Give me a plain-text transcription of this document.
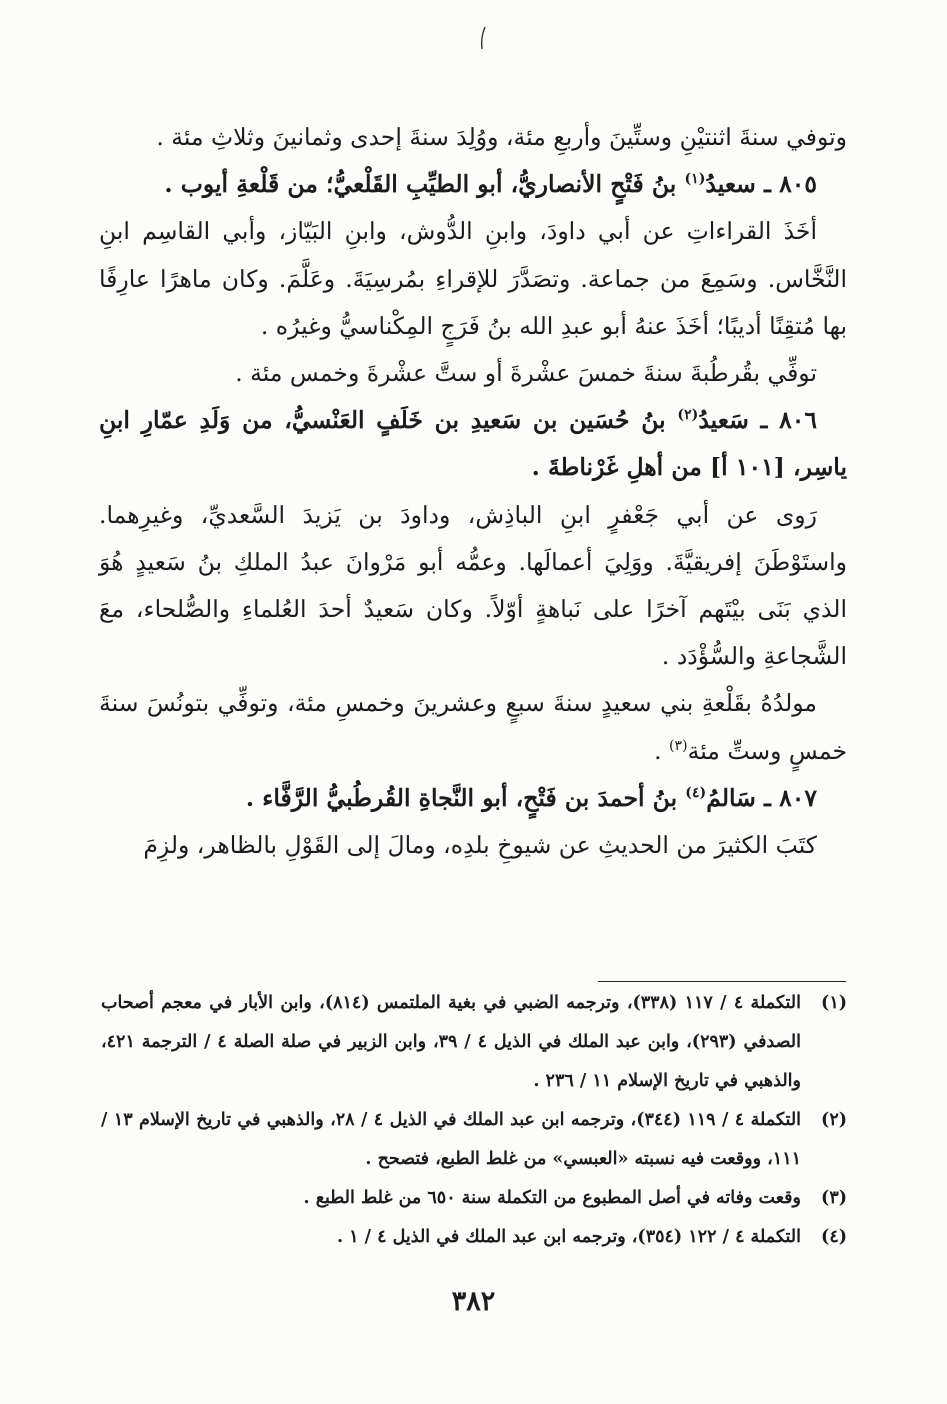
وتوفي سنةَ اثنتيْنِ وستِّينَ وأربعِ مئة، ووُلِدَ سنةَ إحدى وثمانينَ وثلاثِ مئة .

٨٠٥ ـ سعيدُ$^{(١)}$ بنُ فَتْحٍ الأنصاريُّ، أبو الطيِّبِ القَلْعيُّ؛ من قَلْعةِ أيوب .

أخَذَ القراءاتِ عن أبي داودَ، وابنِ الدُّوش، وابنِ البَيّاز، وأبي القاسِم ابنِ النَّخَّاس. وسَمِعَ من جماعة. وتصَدَّرَ للإقراءِ بمُرسِيَةَ. وعَلَّمَ. وكان ماهرًا عارِفًا بها مُتقِنًا أديبًا؛ أخَذَ عنهُ أبو عبدِ الله بنُ فَرَجٍ المِكْناسيُّ وغيرُه .

توفِّي بقُرطُبةَ سنةَ خمسَ عشْرةَ أو ستَّ عشْرةَ وخمس مئة .

٨٠٦ ـ سَعيدُ$^{(٢)}$ بنُ حُسَين بن سَعيدِ بن خَلَفٍ العَنْسيُّ، من وَلَدِ عمّارِ ابنِ ياسِر، [١٠١ أ] من أهلِ غَرْناطةَ .

رَوى عن أبي جَعْفرٍ ابنِ الباذِش، وداودَ بن يَزيدَ السَّعديِّ، وغيرِهما. واستَوْطَنَ إفريقيَّةَ. ووَلِيَ أعمالَها. وعمُّه أبو مَرْوانَ عبدُ الملكِ بنُ سَعيدٍ هُوَ الذي بَنَى بيْتَهم آخرًا على نَباهةٍ أوّلاً. وكان سَعيدٌ أحدَ العُلماءِ والصُّلحاء، معَ الشَّجاعةِ والسُّؤْدَد .

مولدُهُ بقَلْعةِ بني سعيدٍ سنةَ سبعٍ وعشرينَ وخمسِ مئة، وتوفِّي بتونُسَ سنةَ خمسٍ وستِّ مئة$^{(٣)}$ .

٨٠٧ ـ سَالمُ$^{(٤)}$ بنُ أحمدَ بن فَتْحٍ، أبو النَّجاةِ القُرطُبيُّ الرَّفَّاء .

كتَبَ الكثيرَ من الحديثِ عن شيوخِ بلدِه، ومالَ إلى القَوْلِ بالظاهر، ولزِمَ

(١)
التكملة ٤ / ١١٧ (٣٣٨)، وترجمه الضبي في بغية الملتمس (٨١٤)، وابن الأبار في معجم أصحاب الصدفي (٢٩٣)، وابن عبد الملك في الذيل ٤ / ٣٩، وابن الزبير في صلة الصلة ٤ / الترجمة ٤٢١، والذهبي في تاريخ الإسلام ١١ / ٢٣٦ .
(٢)
التكملة ٤ / ١١٩ (٣٤٤)، وترجمه ابن عبد الملك في الذيل ٤ / ٢٨، والذهبي في تاريخ الإسلام ١٣ / ١١١، ووقعت فيه نسبته «العبسي» من غلط الطبع، فتصحح .
(٣)
وقعت وفاته في أصل المطبوع من التكملة سنة ٦٥٠ من غلط الطبع .
(٤)
التكملة ٤ / ١٢٢ (٣٥٤)، وترجمه ابن عبد الملك في الذيل ٤ / ١ .
٣٨٢
